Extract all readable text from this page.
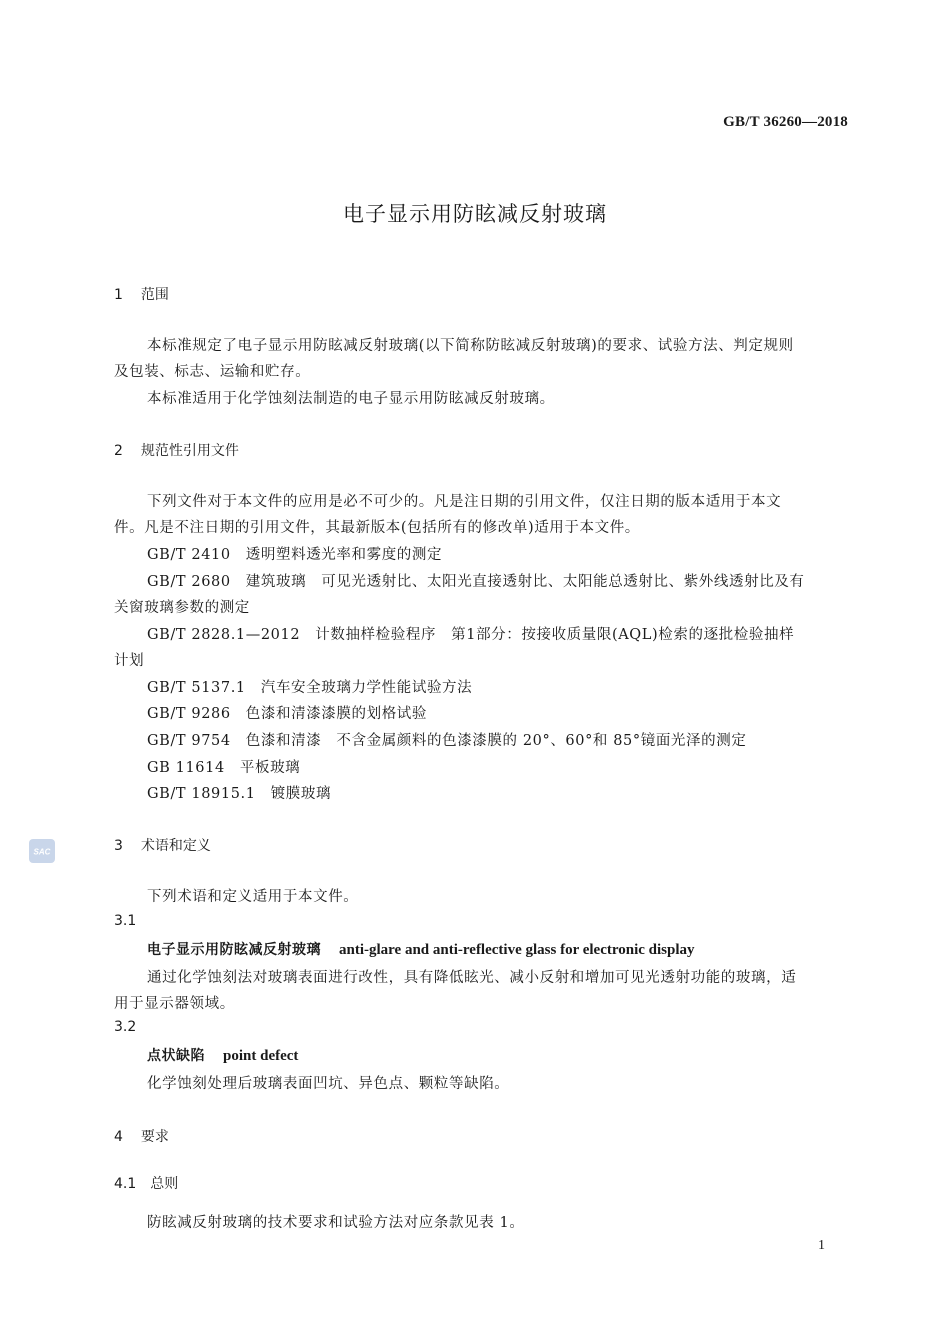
GB/T 36260—2018
电子显示用防眩减反射玻璃
1 范围
本标准规定了电子显示用防眩减反射玻璃(以下简称防眩减反射玻璃)的要求、试验方法、判定规则
及包装、标志、运输和贮存。
本标准适用于化学蚀刻法制造的电子显示用防眩减反射玻璃。
2 规范性引用文件
下列文件对于本文件的应用是必不可少的。凡是注日期的引用文件，仅注日期的版本适用于本文
件。凡是不注日期的引用文件，其最新版本(包括所有的修改单)适用于本文件。
GB/T 2410　透明塑料透光率和雾度的测定
GB/T 2680　建筑玻璃　可见光透射比、太阳光直接透射比、太阳能总透射比、紫外线透射比及有
关窗玻璃参数的测定
GB/T 2828.1—2012　计数抽样检验程序　第1部分：按接收质量限(AQL)检索的逐批检验抽样
计划
GB/T 5137.1　汽车安全玻璃力学性能试验方法
GB/T 9286　色漆和清漆漆膜的划格试验
GB/T 9754　色漆和清漆　不含金属颜料的色漆漆膜的 20°、60°和 85°镜面光泽的测定
GB 11614　平板玻璃
GB/T 18915.1　镀膜玻璃
SAC	3 术语和定义
下列术语和定义适用于本文件。
3.1
电子显示用防眩减反射玻璃 anti-glare and anti-reflective glass for electronic display
通过化学蚀刻法对玻璃表面进行改性，具有降低眩光、减小反射和增加可见光透射功能的玻璃，适
用于显示器领域。
3.2
点状缺陷 point defect
化学蚀刻处理后玻璃表面凹坑、异色点、颗粒等缺陷。
4 要求
4.1 总则
防眩减反射玻璃的技术要求和试验方法对应条款见表 1。
1
